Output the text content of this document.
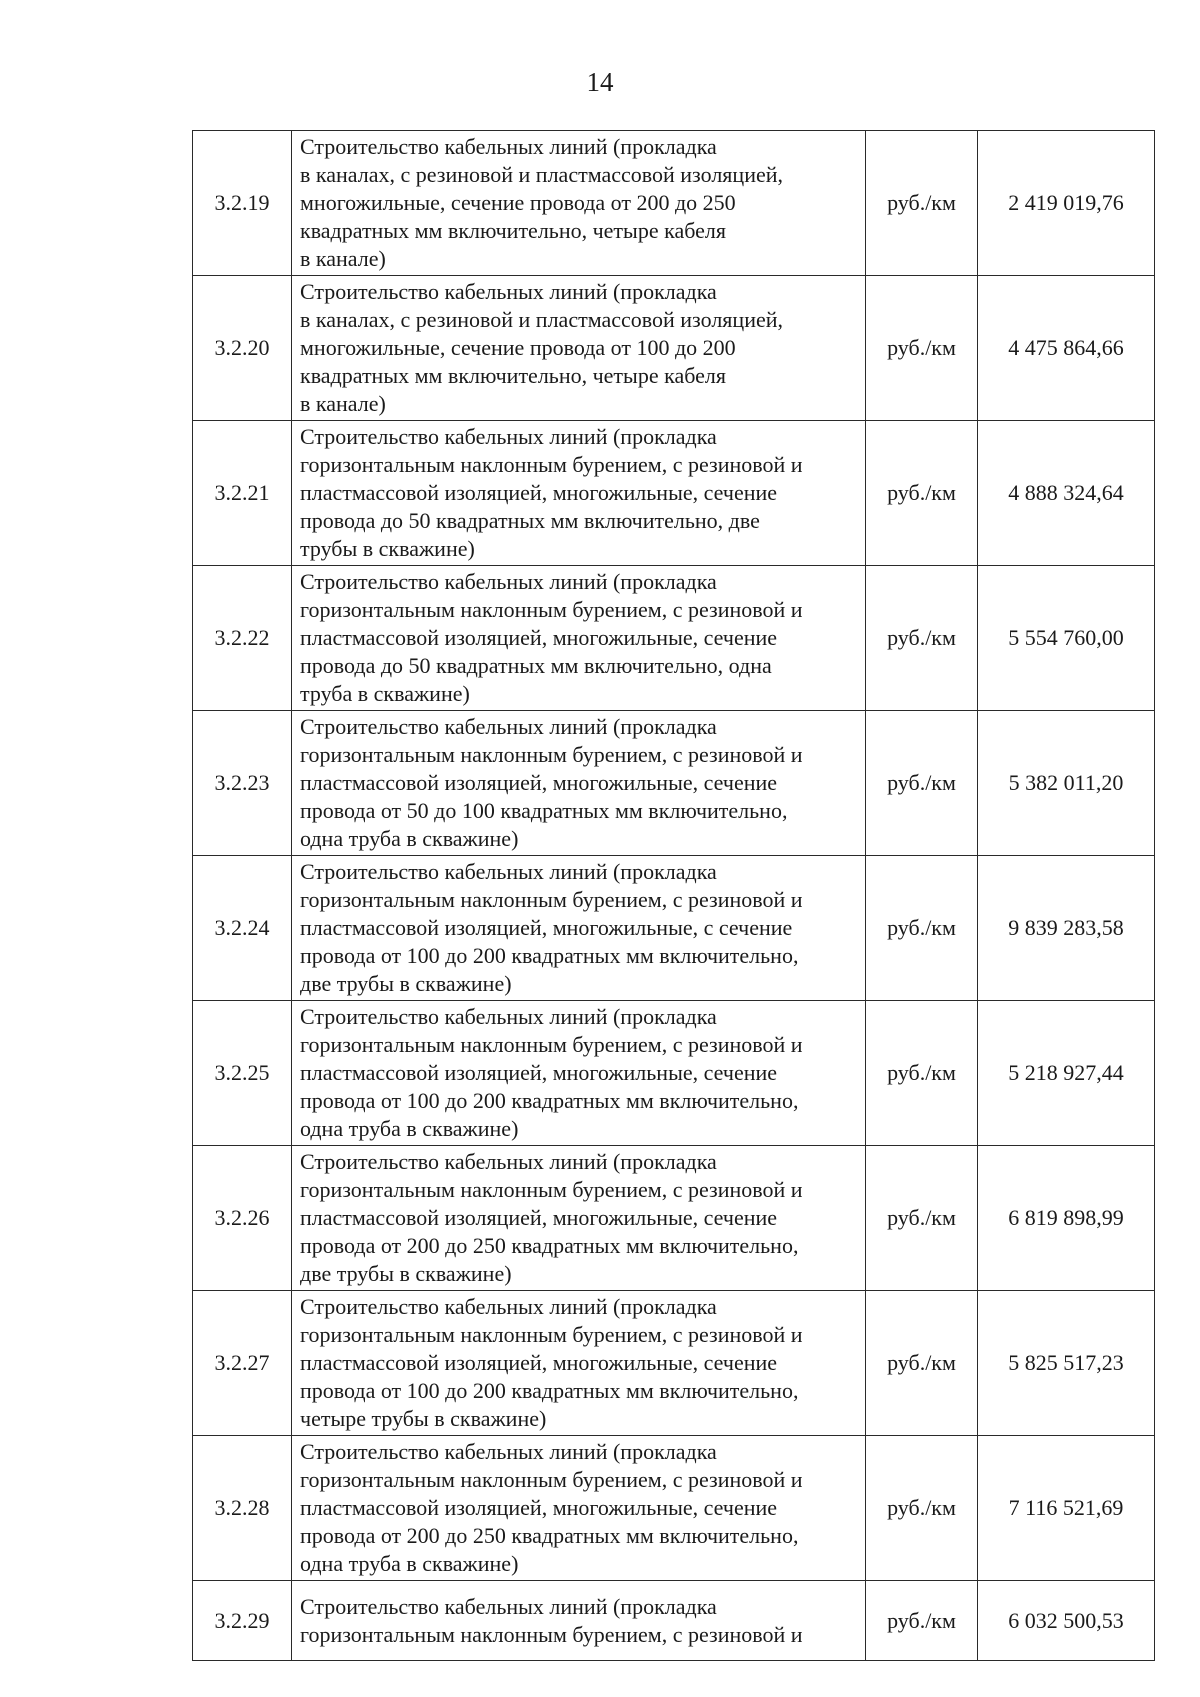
14
3.2.19	Строительство кабельных линий (прокладка
в каналах, с резиновой и пластмассовой изоляцией,
многожильные, сечение провода от 200 до 250
квадратных мм включительно, четыре кабеля
в канале)	руб./км	2 419 019,76
3.2.20	Строительство кабельных линий (прокладка
в каналах, с резиновой и пластмассовой изоляцией,
многожильные, сечение провода от 100 до 200
квадратных мм включительно, четыре кабеля
в канале)	руб./км	4 475 864,66
3.2.21	Строительство кабельных линий (прокладка
горизонтальным наклонным бурением, с резиновой и
пластмассовой изоляцией, многожильные, сечение
провода до 50 квадратных мм включительно, две
трубы в скважине)	руб./км	4 888 324,64
3.2.22	Строительство кабельных линий (прокладка
горизонтальным наклонным бурением, с резиновой и
пластмассовой изоляцией, многожильные, сечение
провода до 50 квадратных мм включительно, одна
труба в скважине)	руб./км	5 554 760,00
3.2.23	Строительство кабельных линий (прокладка
горизонтальным наклонным бурением, с резиновой и
пластмассовой изоляцией, многожильные, сечение
провода от 50 до 100 квадратных мм включительно,
одна труба в скважине)	руб./км	5 382 011,20
3.2.24	Строительство кабельных линий (прокладка
горизонтальным наклонным бурением, с резиновой и
пластмассовой изоляцией, многожильные, с сечение
провода от 100 до 200 квадратных мм включительно,
две трубы в скважине)	руб./км	9 839 283,58
3.2.25	Строительство кабельных линий (прокладка
горизонтальным наклонным бурением, с резиновой и
пластмассовой изоляцией, многожильные, сечение
провода от 100 до 200 квадратных мм включительно,
одна труба в скважине)	руб./км	5 218 927,44
3.2.26	Строительство кабельных линий (прокладка
горизонтальным наклонным бурением, с резиновой и
пластмассовой изоляцией, многожильные, сечение
провода от 200 до 250 квадратных мм включительно,
две трубы в скважине)	руб./км	6 819 898,99
3.2.27	Строительство кабельных линий (прокладка
горизонтальным наклонным бурением, с резиновой и
пластмассовой изоляцией, многожильные, сечение
провода от 100 до 200 квадратных мм включительно,
четыре трубы в скважине)	руб./км	5 825 517,23
3.2.28	Строительство кабельных линий (прокладка
горизонтальным наклонным бурением, с резиновой и
пластмассовой изоляцией, многожильные, сечение
провода от 200 до 250 квадратных мм включительно,
одна труба в скважине)	руб./км	7 116 521,69
3.2.29	Строительство кабельных линий (прокладка
горизонтальным наклонным бурением, с резиновой и	руб./км	6 032 500,53
